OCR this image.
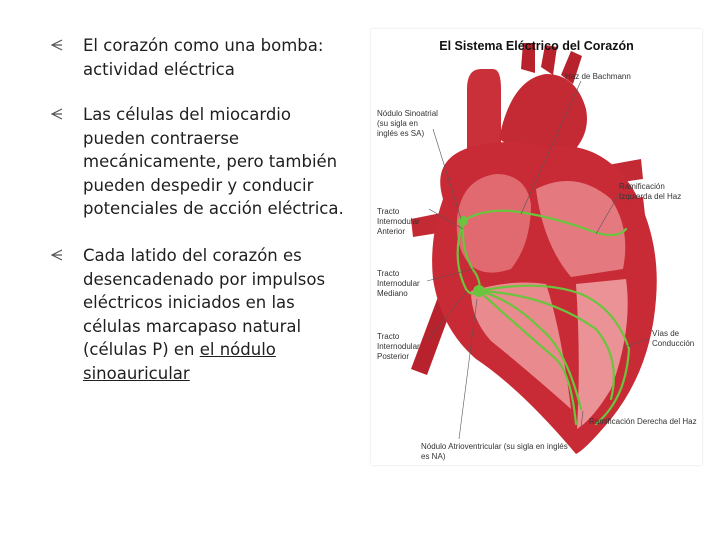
El corazón como una bomba: actividad eléctrica
Las células del miocardio pueden contraerse mecánicamente, pero también pueden despedir y conducir potenciales de acción eléctrica.
Cada latido del corazón es desencadenado por impulsos eléctricos iniciados en las células marcapaso natural (células P) en el nódulo sinoauricular
El Sistema Eléctrico del Corazón
Nódulo Sinoatrial (su sigla en inglés es SA)
Haz de Bachmann
Ramificación Izquierda del Haz
Tracto Internodular Anterior
Tracto Internodular Mediano
Tracto Internodular Posterior
Vías de Conducción
Ramificación Derecha del Haz
Nódulo Atrioventricular (su sigla en inglés es NA)
